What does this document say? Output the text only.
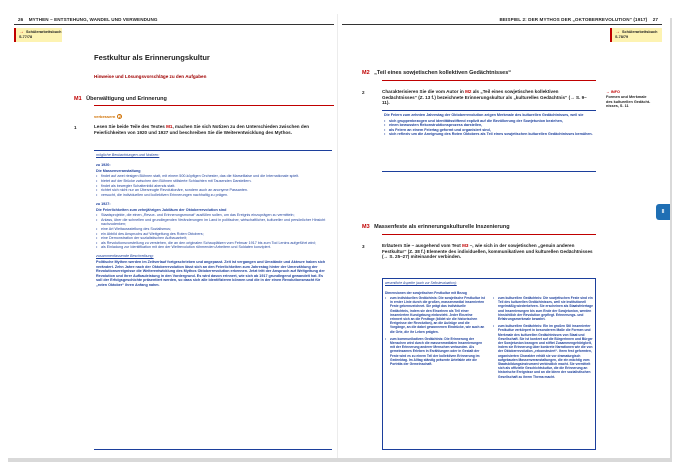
26 MYTHEN – ENTSTEHUNG, WANDEL UND VERWENDUNG
→ Schülerarbeitsbuch
S.77/78
Festkultur als Erinnerungskultur
Hinweise und Lösungsvorschläge zu den Aufgaben
M1 Überwältigung und Erinnerung
verbessern 2
1	Lesen Sie beide Teile des Textes M1, machen Sie sich Notizen zu den Unterschieden zwischen den Feierlichkeiten von 1920 und 1927 und beschreiben Sie die Weiterentwicklung des Mythos.

mögliche Beobachtungen und Notizen:

zu 1920:

Die Massenveranstaltung

• findet auf zwei riesigen Bühnen statt, mit einem 500-köpfigen Orchester, das die Marseillaise und die Internationale spielt.
• bietet auf der Brücke zwischen den Bühnen stilisierte Schlachten mit Tausenden Darstellern.
• findet als bewegter Schattenbild abends statt.
• richtet sich nicht nur an Überzeugte Revolutionäre, sondern auch an anonyme Passanten.
• versucht, die individuellen und kollektiven Erinnerungen nachhaltig zu prägen.

zu 1927:

Die Feierlichkeiten zum zehnjährigen Jubiläum der Oktoberrevolution sind

• Staatsprojekte, die einen „Revue- und Erinnerungsmonat“ ausfüllen sollen, um das Ereignis einzuprägen zu vermitteln;
• Anlass, über die schnellen und grundlegenden Veränderungen im Land in politischer, wirtschaftlicher, kultureller und persönlicher Hinsicht nachzudenken;
• eine Art Weitaussstellung des Sozialismus;
• ein Abbild des Anspruchs auf Weitgeltung des Roten Oktobers;
• eine Demonstration der sozialistischen Aufbauarbeit;
• als Revolutionsvorstellung zu verstehen, die an den originalen Schauplätzen vom Februar 1917 bis zum Tod Lenins aufgeführt wird;
• als Einladung zur Identifikation mit den der Weltrevolution rühmenden Arbeitern und Soldaten konzipiert.

zusammenfassende Beschreibung:

Politische Mythen werden im Zeitverlauf fortgeschrieben und angepasst. Zeit ist vergangen und Umstände und Akteure haben sich verändert. Zehn Jahre nach der Oktoberrevolution lässt sich an den Feierlichkeiten zum Jahrestag hinter der Umerzählung der Revolutionsereignisse die Weiterentwicklung des Mythos Oktoberrevolution erkennen. Jetzt tritt der Anspruch auf Weltgeltung der Revolution und ihrer Aufbauleistung in den Vordergrund. Es wird davon erinnert, wie sich ab 1917 grundlegend gewandelt hat. Es soll der Erfolgsgeschichte präsentiert werden, so dass sich alle identifizieren können und die in der einen Revolutionsmacht für „roten Oktober“ ihren Anfang nahm.

BEISPIEL 2: DER MYTHOS DER „OKTOBERREVOLUTION“ (1917) 27
→ Schülerarbeitsbuch
S.78/79
M2 „Teil eines sowjetischen kollektiven Gedächtnisses“
2	Charakterisieren Sie die vom Autor in M2 als „Teil eines sowjetischen kollektiven Gedächtnisses“ (Z. 13 f.) bezeichnete Erinnerungskultur als „kulturelles Gedächtnis“ (→ S. 9–11).
→ INFO
Formen und Merkmale
des kulturellen Gedächt-
nisses, S. 11

Die Feiern zum zehnten Jahrestag der Oktoberrevolution zeigen Merkmale des kulturellen Gedächtnisses, weil sie

• sich gruppenbezogen und identitätsstiftend explizit auf die Bevölkerung der Sowjetunion beziehen,
• einen bewussten Rekonstruktionsprozess darstellen,
• als Feiern an einem Feiertag geformt und organisiert sind,
• sich reflexiv um die Aneignung des Roten Oktobers als Teil eines sowjetischen kulturellen Gedächtnisses bemühen.
II
M3 Massenfeste als erinnerungskulturelle Inszenierung
3	Erläutern Sie – ausgehend vom Text M3 –, wie sich in der sowjetischen „genuin anderen Festkultur“ (Z. 38 f.) Elemente des individuellen, kommunikativen und kulturellen Gedächtnisses (→ S. 25–27) miteinander verbinden.

wesentliche Aspekte (auch zur Selbstevaluation):

Dimensionen der sowjetischen Festkultur mit Bezug

• zum individuellen Gedächtnis: Die sowjetische Festkultur ist in erster Linie durch die großen, massenmedial inszenierten Feste gekennzeichnet. Sie prägt das individuelle Gedächtnis, indem sie den Einzelnen als Teil einer inszenierten Kundgebung einbezieht. Jeder Einzelne erinnert sich an die Festtage (bildet sie die historischen Ereignisse der Revolution), an die Aufzüge und die Vorgänge, an die dabei gewonnenen Eindrücke, wie auch an die Orte, die ihr Leben prägten.
• zum kommunikativen Gedächtnis: Die Erinnerung der Menschen wird durch die massenmedialen Inszenierungen mit der Erinnerung anderer Menschen verbunden. Als gemeinsames Erleben in Erzählungen oder in Gestalt der Feste wird es zu einem Teil der kollektiven Erinnerung im Gedenktag. Im Alltag ständig präsente Artefakte wie die Porträts der Gemeinschaft.
• zum kulturellen Gedächtnis: Die sowjetischen Feste sind ein Teil des kulturellen Gedächtnisses, weil sie institutionell regelmäßig wiederkehren. Sie erscheinen als Staatsfeiertage und Inszenierungen bis zum Ende der Sowjetunion, werden hinsichtlich der Revolution gepflegt. Erinnerungs- und Erfahrungsmerkmale bewahrt.
• zum kulturellen Gedächtnis: Ein im großen Stil inszenierter Festkultur verkörpert in besonderem Maße die Formen und Merkmale des kulturellen Gedächtnisses von Staat und Gesellschaft. Sie ist konkret auf die Bürgerinnen und Bürger der Sowjetunion bezogen und stiftet Zusammengehörigkeit, indem sie Erinnerung über konkrete Narrationen wie die von der Oktoberrevolution „rekonstruiert“. Ihren fest geformten, organisierten Charakter erhält sie vor dramaturgisch aufgebauten Massenveranstaltungen, die ein mächtig vom Staatsbildungsinstrument verbindlich macht. Sie vermittelt sich als offizielle Geschichtskultur, die die Erinnerung an historische Ereignisse und an die Ideen der sozialistischen Gesellschaft zu ihrem Thema macht.
